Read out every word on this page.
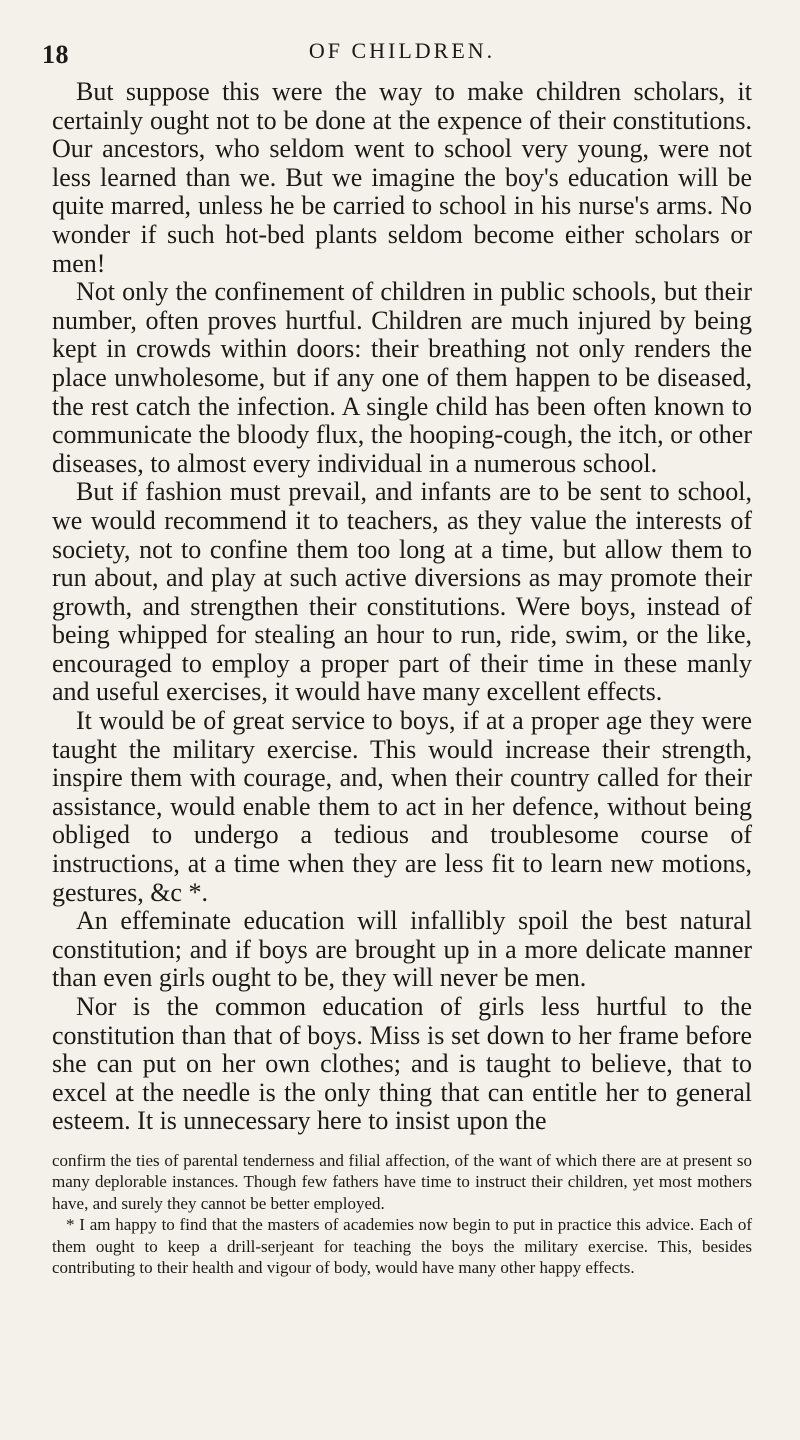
18	OF CHILDREN.

But suppose this were the way to make children scholars, it certainly ought not to be done at the expence of their constitutions. Our ancestors, who seldom went to school very young, were not less learned than we. But we imagine the boy's education will be quite marred, unless he be carried to school in his nurse's arms. No wonder if such hot-bed plants seldom become either scholars or men!

Not only the confinement of children in public schools, but their number, often proves hurtful. Children are much injured by being kept in crowds within doors: their breathing not only renders the place unwholesome, but if any one of them happen to be diseased, the rest catch the infection. A single child has been often known to communicate the bloody flux, the hooping-cough, the itch, or other diseases, to almost every individual in a numerous school.

But if fashion must prevail, and infants are to be sent to school, we would recommend it to teachers, as they value the interests of society, not to confine them too long at a time, but allow them to run about, and play at such active diversions as may promote their growth, and strengthen their constitutions. Were boys, instead of being whipped for stealing an hour to run, ride, swim, or the like, encouraged to employ a proper part of their time in these manly and useful exercises, it would have many excellent effects.

It would be of great service to boys, if at a proper age they were taught the military exercise. This would increase their strength, inspire them with courage, and, when their country called for their assistance, would enable them to act in her defence, without being obliged to undergo a tedious and troublesome course of instructions, at a time when they are less fit to learn new motions, gestures, &c *.

An effeminate education will infallibly spoil the best natural constitution; and if boys are brought up in a more delicate manner than even girls ought to be, they will never be men.

Nor is the common education of girls less hurtful to the constitution than that of boys. Miss is set down to her frame before she can put on her own clothes; and is taught to believe, that to excel at the needle is the only thing that can entitle her to general esteem. It is unnecessary here to insist upon the

confirm the ties of parental tenderness and filial affection, of the want of which there are at present so many deplorable instances. Though few fathers have time to instruct their children, yet most mothers have, and surely they cannot be better employed.

* I am happy to find that the masters of academies now begin to put in practice this advice. Each of them ought to keep a drill-serjeant for teaching the boys the military exercise. This, besides contributing to their health and vigour of body, would have many other happy effects.
